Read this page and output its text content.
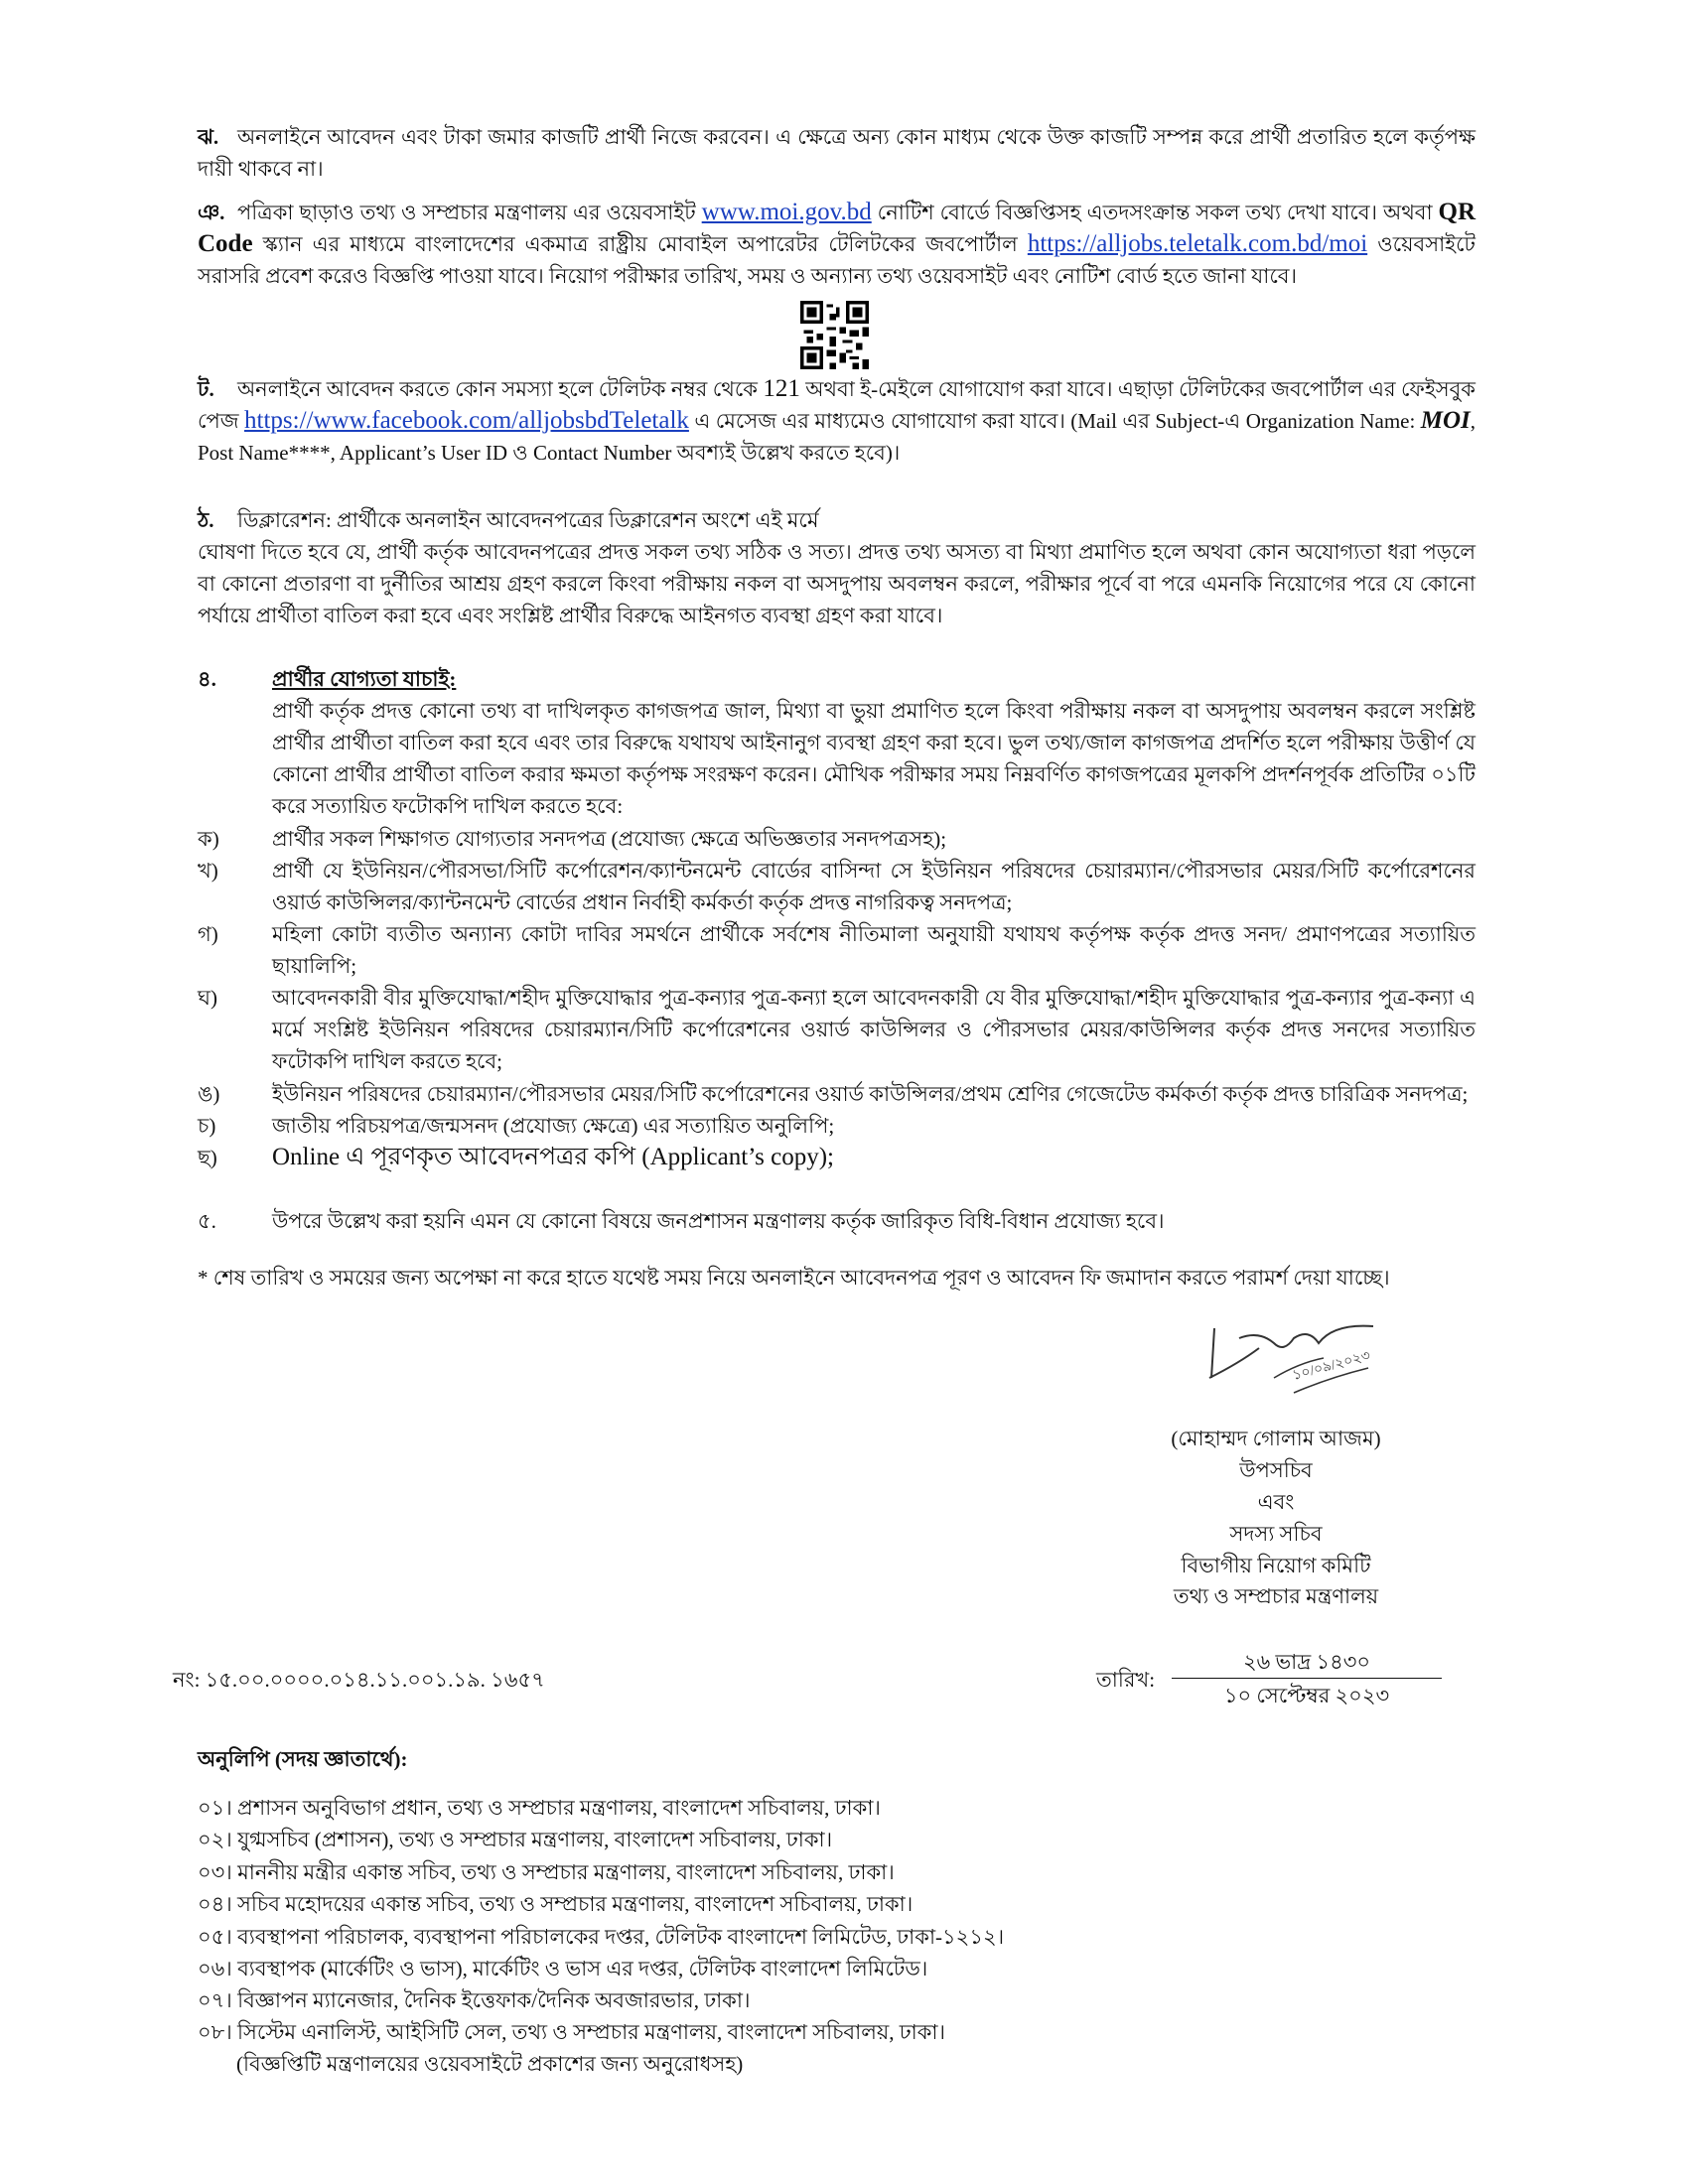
ঝ. অনলাইনে আবেদন এবং টাকা জমার কাজটি প্রার্থী নিজে করবেন। এ ক্ষেত্রে অন্য কোন মাধ্যম থেকে উক্ত কাজটি সম্পন্ন করে প্রার্থী প্রতারিত হলে কর্তৃপক্ষ দায়ী থাকবে না।
ঞ. পত্রিকা ছাড়াও তথ্য ও সম্প্রচার মন্ত্রণালয় এর ওয়েবসাইট www.moi.gov.bd নোটিশ বোর্ডে বিজ্ঞপ্তিসহ এতদসংক্রান্ত সকল তথ্য দেখা যাবে। অথবা QR Code স্ক্যান এর মাধ্যমে বাংলাদেশের একমাত্র রাষ্ট্রীয় মোবাইল অপারেটর টেলিটকের জবপোর্টাল https://alljobs.teletalk.com.bd/moi ওয়েবসাইটে সরাসরি প্রবেশ করেও বিজ্ঞপ্তি পাওয়া যাবে। নিয়োগ পরীক্ষার তারিখ, সময় ও অন্যান্য তথ্য ওয়েবসাইট এবং নোটিশ বোর্ড হতে জানা যাবে।
ট. অনলাইনে আবেদন করতে কোন সমস্যা হলে টেলিটক নম্বর থেকে 121 অথবা ই-মেইলে যোগাযোগ করা যাবে। এছাড়া টেলিটকের জবপোর্টাল এর ফেইসবুক পেজ https://www.facebook.com/alljobsbdTeletalk এ মেসেজ এর মাধ্যমেও যোগাযোগ করা যাবে। (Mail এর Subject-এ Organization Name: MOI, Post Name****, Applicant’s User ID ও Contact Number অবশ্যই উল্লেখ করতে হবে)।
ঠ. ডিক্লারেশন: প্রার্থীকে অনলাইন আবেদনপত্রের ডিক্লারেশন অংশে এই মর্মে
ঘোষণা দিতে হবে যে, প্রার্থী কর্তৃক আবেদনপত্রের প্রদত্ত সকল তথ্য সঠিক ও সত্য। প্রদত্ত তথ্য অসত্য বা মিথ্যা প্রমাণিত হলে অথবা কোন অযোগ্যতা ধরা পড়লে বা কোনো প্রতারণা বা দুর্নীতির আশ্রয় গ্রহণ করলে কিংবা পরীক্ষায় নকল বা অসদুপায় অবলম্বন করলে, পরীক্ষার পূর্বে বা পরে এমনকি নিয়োগের পরে যে কোনো পর্যায়ে প্রার্থীতা বাতিল করা হবে এবং সংশ্লিষ্ট প্রার্থীর বিরুদ্ধে আইনগত ব্যবস্থা গ্রহণ করা যাবে।
৪.	প্রার্থীর যোগ্যতা যাচাই:
প্রার্থী কর্তৃক প্রদত্ত কোনো তথ্য বা দাখিলকৃত কাগজপত্র জাল, মিথ্যা বা ভুয়া প্রমাণিত হলে কিংবা পরীক্ষায় নকল বা অসদুপায় অবলম্বন করলে সংশ্লিষ্ট প্রার্থীর প্রার্থীতা বাতিল করা হবে এবং তার বিরুদ্ধে যথাযথ আইনানুগ ব্যবস্থা গ্রহণ করা হবে। ভুল তথ্য/জাল কাগজপত্র প্রদর্শিত হলে পরীক্ষায় উত্তীর্ণ যে কোনো প্রার্থীর প্রার্থীতা বাতিল করার ক্ষমতা কর্তৃপক্ষ সংরক্ষণ করেন। মৌখিক পরীক্ষার সময় নিম্নবর্ণিত কাগজপত্রের মূলকপি প্রদর্শনপূর্বক প্রতিটির ০১টি করে সত্যায়িত ফটোকপি দাখিল করতে হবে:
ক)	প্রার্থীর সকল শিক্ষাগত যোগ্যতার সনদপত্র (প্রযোজ্য ক্ষেত্রে অভিজ্ঞতার সনদপত্রসহ);
খ)	প্রার্থী যে ইউনিয়ন/পৌরসভা/সিটি কর্পোরেশন/ক্যান্টনমেন্ট বোর্ডের বাসিন্দা সে ইউনিয়ন পরিষদের চেয়ারম্যান/পৌরসভার মেয়র/সিটি কর্পোরেশনের ওয়ার্ড কাউন্সিলর/ক্যান্টনমেন্ট বোর্ডের প্রধান নির্বাহী কর্মকর্তা কর্তৃক প্রদত্ত নাগরিকত্ব সনদপত্র;
গ)	মহিলা কোটা ব্যতীত অন্যান্য কোটা দাবির সমর্থনে প্রার্থীকে সর্বশেষ নীতিমালা অনুযায়ী যথাযথ কর্তৃপক্ষ কর্তৃক প্রদত্ত সনদ/ প্রমাণপত্রের সত্যায়িত ছায়ালিপি;
ঘ)	আবেদনকারী বীর মুক্তিযোদ্ধা/শহীদ মুক্তিযোদ্ধার পুত্র-কন্যার পুত্র-কন্যা হলে আবেদনকারী যে বীর মুক্তিযোদ্ধা/শহীদ মুক্তিযোদ্ধার পুত্র-কন্যার পুত্র-কন্যা এ মর্মে সংশ্লিষ্ট ইউনিয়ন পরিষদের চেয়ারম্যান/সিটি কর্পোরেশনের ওয়ার্ড কাউন্সিলর ও পৌরসভার মেয়র/কাউন্সিলর কর্তৃক প্রদত্ত সনদের সত্যায়িত ফটোকপি দাখিল করতে হবে;
ঙ)	ইউনিয়ন পরিষদের চেয়ারম্যান/পৌরসভার মেয়র/সিটি কর্পোরেশনের ওয়ার্ড কাউন্সিলর/প্রথম শ্রেণির গেজেটেড কর্মকর্তা কর্তৃক প্রদত্ত চারিত্রিক সনদপত্র;
চ)	জাতীয় পরিচয়পত্র/জন্মসনদ (প্রযোজ্য ক্ষেত্রে) এর সত্যায়িত অনুলিপি;
ছ) Online এ পূরণকৃত আবেদনপত্রর কপি (Applicant’s copy);
৫.	উপরে উল্লেখ করা হয়নি এমন যে কোনো বিষয়ে জনপ্রশাসন মন্ত্রণালয় কর্তৃক জারিকৃত বিধি-বিধান প্রযোজ্য হবে।
* শেষ তারিখ ও সময়ের জন্য অপেক্ষা না করে হাতে যথেষ্ট সময় নিয়ে অনলাইনে আবেদনপত্র পূরণ ও আবেদন ফি জমাদান করতে পরামর্শ দেয়া যাচ্ছে।
১০/০৯/২০২৩
(মোহাম্মদ গোলাম আজম)
উপসচিব
এবং
সদস্য সচিব
বিভাগীয় নিয়োগ কমিটি
তথ্য ও সম্প্রচার মন্ত্রণালয়
নং: ১৫.০০.০০০০.০১৪.১১.০০১.১৯. ১৬৫৭	তারিখ:
২৬ ভাদ্র ১৪৩০
১০ সেপ্টেম্বর ২০২৩
অনুলিপি (সদয় জ্ঞাতার্থে):
০১। প্রশাসন অনুবিভাগ প্রধান, তথ্য ও সম্প্রচার মন্ত্রণালয়, বাংলাদেশ সচিবালয়, ঢাকা।
০২। যুগ্মসচিব (প্রশাসন), তথ্য ও সম্প্রচার মন্ত্রণালয়, বাংলাদেশ সচিবালয়, ঢাকা।
০৩। মাননীয় মন্ত্রীর একান্ত সচিব, তথ্য ও সম্প্রচার মন্ত্রণালয়, বাংলাদেশ সচিবালয়, ঢাকা।
০৪। সচিব মহোদয়ের একান্ত সচিব, তথ্য ও সম্প্রচার মন্ত্রণালয়, বাংলাদেশ সচিবালয়, ঢাকা।
০৫। ব্যবস্থাপনা পরিচালক, ব্যবস্থাপনা পরিচালকের দপ্তর, টেলিটক বাংলাদেশ লিমিটেড, ঢাকা-১২১২।
০৬। ব্যবস্থাপক (মার্কেটিং ও ভাস), মার্কেটিং ও ভাস এর দপ্তর, টেলিটক বাংলাদেশ লিমিটেড।
০৭। বিজ্ঞাপন ম্যানেজার, দৈনিক ইত্তেফাক/দৈনিক অবজারভার, ঢাকা।
০৮। সিস্টেম এনালিস্ট, আইসিটি সেল, তথ্য ও সম্প্রচার মন্ত্রণালয়, বাংলাদেশ সচিবালয়, ঢাকা।
(বিজ্ঞপ্তিটি মন্ত্রণালয়ের ওয়েবসাইটে প্রকাশের জন্য অনুরোধসহ)
